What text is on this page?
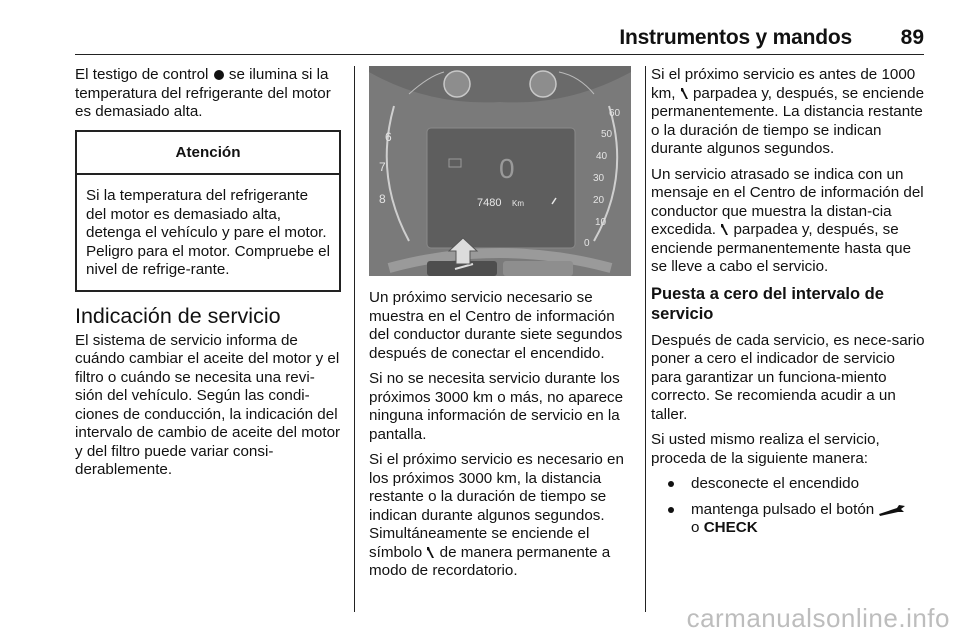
Instrumentos y mandos 89

El testigo de control se ilumina si la temperatura del refrigerante del motor es demasiado alta.

Atención
Si la temperatura del refrigerante del motor es demasiado alta, detenga el vehículo y pare el motor. Peligro para el motor. Compruebe el nivel de refrige-rante.
Indicación de servicio

El sistema de servicio informa de cuándo cambiar el aceite del motor y el filtro o cuándo se necesita una revi-sión del vehículo. Según las condi-ciones de conducción, la indicación del intervalo de cambio de aceite del motor y del filtro puede variar consi-derablemente.

60
50
40
30
20
10
0
6
7
8
0
7480 Km

Un próximo servicio necesario se muestra en el Centro de información del conductor durante siete segundos después de conectar el encendido.

Si no se necesita servicio durante los próximos 3000 km o más, no aparece ninguna información de servicio en la pantalla.

Si el próximo servicio es necesario en los próximos 3000 km, la distancia restante o la duración de tiempo se indican durante algunos segundos. Simultáneamente se enciende el símbolo de manera permanente a modo de recordatorio.

Si el próximo servicio es antes de 1000 km, parpadea y, después, se enciende permanentemente. La distancia restante o la duración de tiempo se indican durante algunos segundos.

Un servicio atrasado se indica con un mensaje en el Centro de información del conductor que muestra la distan-cia excedida. parpadea y, después, se enciende permanentemente hasta que se lleve a cabo el servicio.

Puesta a cero del intervalo de servicio

Después de cada servicio, es nece-sario poner a cero el indicador de servicio para garantizar un funciona-miento correcto. Se recomienda acudir a un taller.

Si usted mismo realiza el servicio, proceda de la siguiente manera:

desconecte el encendido
mantenga pulsado el botón
o CHECK
carmanualsonline.info
